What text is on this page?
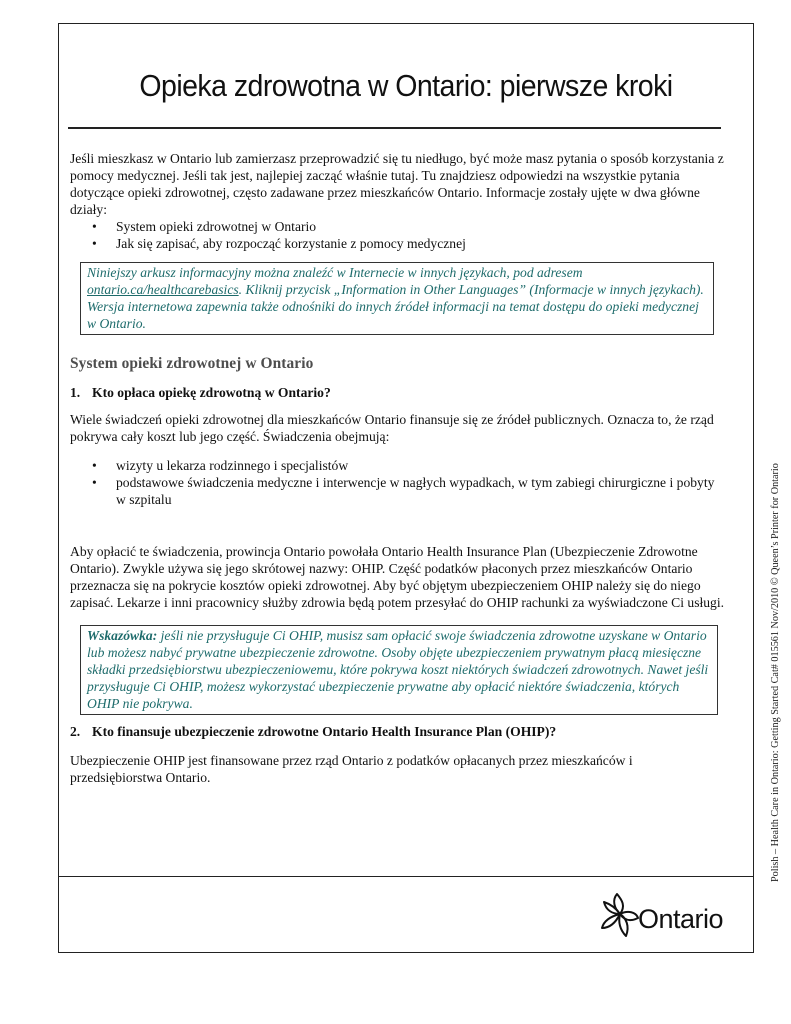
Opieka zdrowotna w Ontario: pierwsze kroki

Jeśli mieszkasz w Ontario lub zamierzasz przeprowadzić się tu niedługo, być może masz pytania o sposób korzystania z pomocy medycznej. Jeśli tak jest, najlepiej zacząć właśnie tutaj. Tu znajdziesz odpowiedzi na wszystkie pytania dotyczące opieki zdrowotnej, często zadawane przez mieszkańców Ontario. Informacje zostały ujęte w dwa główne działy:

• System opieki zdrowotnej w Ontario
• Jak się zapisać, aby rozpocząć korzystanie z pomocy medycznej
Niniejszy arkusz informacyjny można znaleźć w Internecie w innych językach, pod adresem ontario.ca/healthcarebasics. Kliknij przycisk „Information in Other Languages” (Informacje w innych językach). Wersja internetowa zapewnia także odnośniki do innych źródeł informacji na temat dostępu do opieki medycznej w Ontario.
System opieki zdrowotnej w Ontario
1. Kto opłaca opiekę zdrowotną w Ontario?

Wiele świadczeń opieki zdrowotnej dla mieszkańców Ontario finansuje się ze źródeł publicznych. Oznacza to, że rząd pokrywa cały koszt lub jego część. Świadczenia obejmują:

• wizyty u lekarza rodzinnego i specjalistów
• podstawowe świadczenia medyczne i interwencje w nagłych wypadkach, w tym zabiegi chirurgiczne i pobyty w szpitalu

Aby opłacić te świadczenia, prowincja Ontario powołała Ontario Health Insurance Plan (Ubezpieczenie Zdrowotne Ontario). Zwykle używa się jego skrótowej nazwy: OHIP. Część podatków płaconych przez mieszkańców Ontario przeznacza się na pokrycie kosztów opieki zdrowotnej. Aby być objętym ubezpieczeniem OHIP należy się do niego zapisać. Lekarze i inni pracownicy służby zdrowia będą potem przesyłać do OHIP rachunki za wyświadczone Ci usługi.

Wskazówka: jeśli nie przysługuje Ci OHIP, musisz sam opłacić swoje świadczenia zdrowotne uzyskane w Ontario lub możesz nabyć prywatne ubezpieczenie zdrowotne. Osoby objęte ubezpieczeniem prywatnym płacą miesięczne składki przedsiębiorstwu ubezpieczeniowemu, które pokrywa koszt niektórych świadczeń zdrowotnych. Nawet jeśli przysługuje Ci OHIP, możesz wykorzystać ubezpieczenie prywatne aby opłacić niektóre świadczenia, których OHIP nie pokrywa.
2. Kto finansuje ubezpieczenie zdrowotne Ontario Health Insurance Plan (OHIP)?

Ubezpieczenie OHIP jest finansowane przez rząd Ontario z podatków opłacanych przez mieszkańców i przedsiębiorstwa Ontario.	Polish – Health Care in Ontario: Getting Started Cat# 015561 Nov/2010 © Queen’s Printer for Ontario
Ontario
